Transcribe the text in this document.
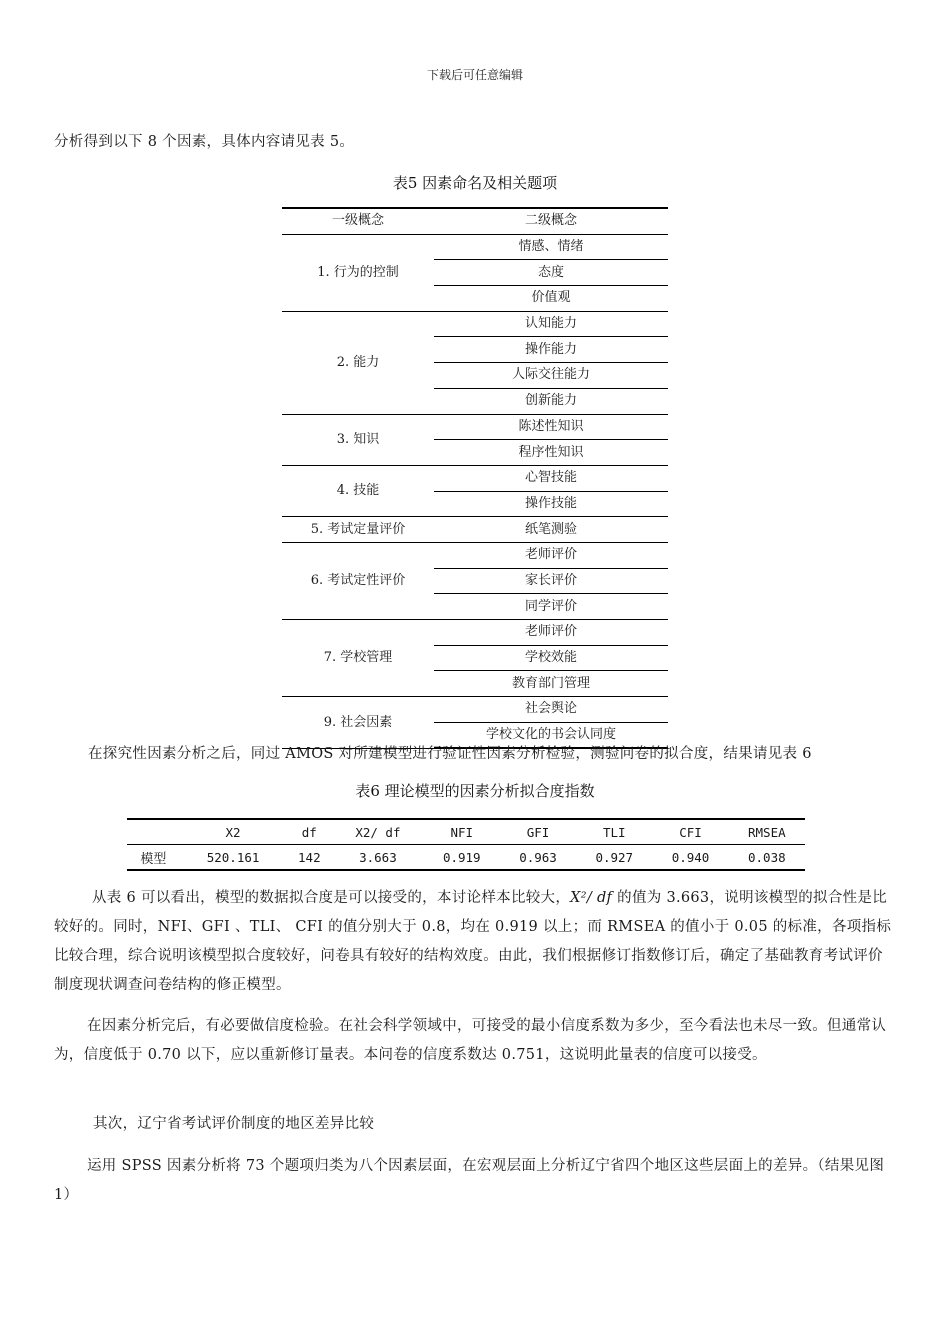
下载后可任意编辑
分析得到以下 8 个因素，具体内容请见表 5。
表5 因素命名及相关题项
一级概念	二级概念
1. 行为的控制	情感、情绪
	态度
	价值观
2. 能力	认知能力
	操作能力
	人际交往能力
	创新能力
3. 知识	陈述性知识
	程序性知识
4. 技能	心智技能
	操作技能
5. 考试定量评价	纸笔测验
6. 考试定性评价	老师评价
	家长评价
	同学评价
7. 学校管理	老师评价
	学校效能
	教育部门管理
9. 社会因素	社会舆论
	学校文化的书会认同度
在探究性因素分析之后，同过 AMOS 对所建模型进行验证性因素分析检验，测验问卷的拟合度，结果请见表 6
表6 理论模型的因素分析拟合度指数
	X2	df	X2/ df	NFI	GFI	TLI	CFI	RMSEA
模型	520.161	142	3.663	0.919	0.963	0.927	0.940	0.038
从表 6 可以看出，模型的数据拟合度是可以接受的，本讨论样本比较大，X²/ df 的值为 3.663，说明该模型的拟合性是比较好的。同时，NFI、GFI 、TLI、 CFI 的值分别大于 0.8，均在 0.919 以上；而 RMSEA 的值小于 0.05 的标准，各项指标比较合理，综合说明该模型拟合度较好，问卷具有较好的结构效度。由此，我们根据修订指数修订后，确定了基础教育考试评价制度现状调查问卷结构的修正模型。
在因素分析完后，有必要做信度检验。在社会科学领域中，可接受的最小信度系数为多少，至今看法也未尽一致。但通常认为，信度低于 0.70 以下，应以重新修订量表。本问卷的信度系数达 0.751，这说明此量表的信度可以接受。
其次，辽宁省考试评价制度的地区差异比较
运用 SPSS 因素分析将 73 个题项归类为八个因素层面，在宏观层面上分析辽宁省四个地区这些层面上的差异。（结果见图 1）
